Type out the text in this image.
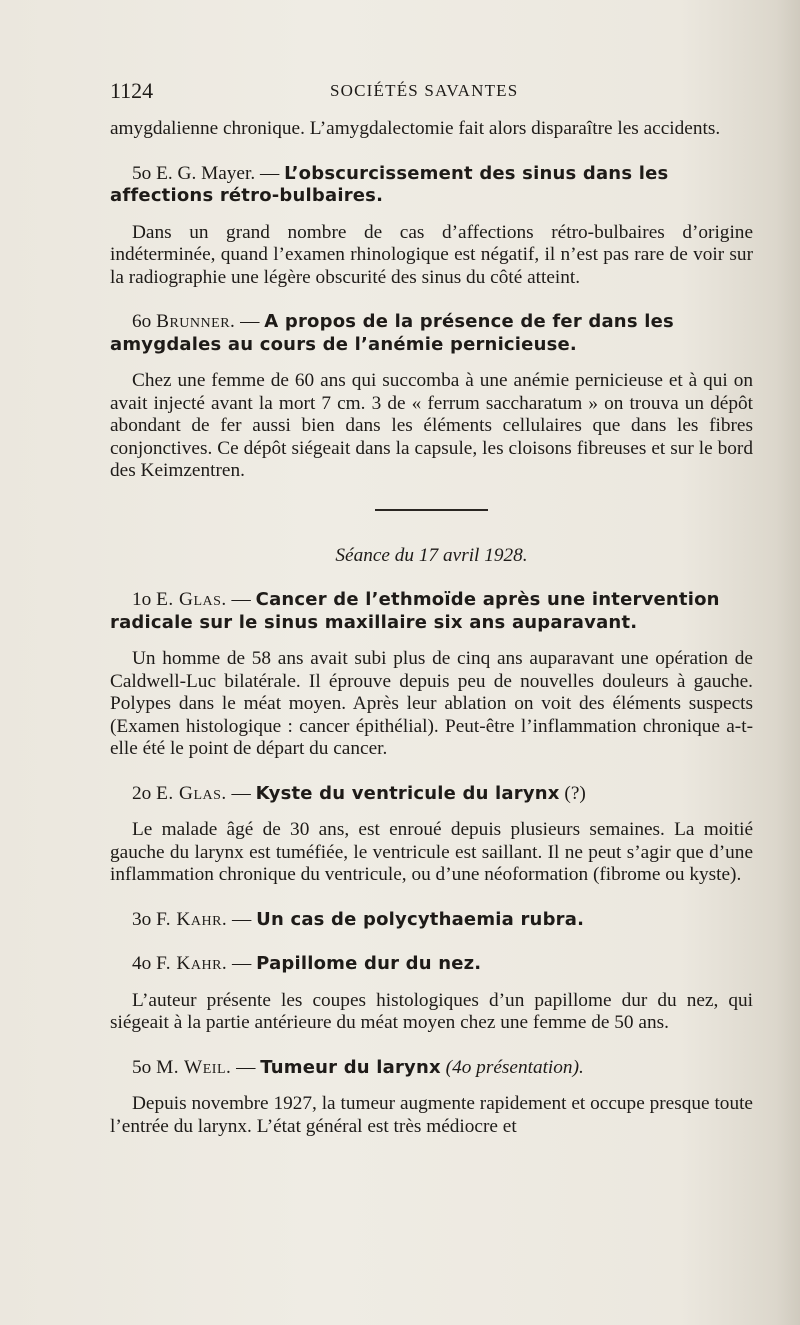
1124	SOCIÉTÉS SAVANTES

amygdalienne chronique. L’amygdalectomie fait alors disparaître les accidents.

5o E. G. Mayer. — L’obscurcissement des sinus dans les affections rétro-bulbaires.

Dans un grand nombre de cas d’affections rétro-bulbaires d’origine indéterminée, quand l’examen rhinologique est négatif, il n’est pas rare de voir sur la radiographie une légère obscurité des sinus du côté atteint.

6o Brunner. — A propos de la présence de fer dans les amygdales au cours de l’anémie pernicieuse.

Chez une femme de 60 ans qui succomba à une anémie pernicieuse et à qui on avait injecté avant la mort 7 cm. 3 de « ferrum saccharatum » on trouva un dépôt abondant de fer aussi bien dans les éléments cellulaires que dans les fibres conjonctives. Ce dépôt siégeait dans la capsule, les cloisons fibreuses et sur le bord des Keimzentren.

Séance du 17 avril 1928.
1o E. Glas. — Cancer de l’ethmoïde après une intervention radicale sur le sinus maxillaire six ans auparavant.

Un homme de 58 ans avait subi plus de cinq ans auparavant une opération de Caldwell-Luc bilatérale. Il éprouve depuis peu de nouvelles douleurs à gauche. Polypes dans le méat moyen. Après leur ablation on voit des éléments suspects (Examen histologique : cancer épithélial). Peut-être l’inflammation chronique a-t-elle été le point de départ du cancer.

2o E. Glas. — Kyste du ventricule du larynx (?)

Le malade âgé de 30 ans, est enroué depuis plusieurs semaines. La moitié gauche du larynx est tuméfiée, le ventricule est saillant. Il ne peut s’agir que d’une inflammation chronique du ventricule, ou d’une néoformation (fibrome ou kyste).

3o F. Kahr. — Un cas de polycythaemia rubra.
4o F. Kahr. — Papillome dur du nez.

L’auteur présente les coupes histologiques d’un papillome dur du nez, qui siégeait à la partie antérieure du méat moyen chez une femme de 50 ans.

5o M. Weil. — Tumeur du larynx (4o présentation).

Depuis novembre 1927, la tumeur augmente rapidement et occupe presque toute l’entrée du larynx. L’état général est très médiocre et
